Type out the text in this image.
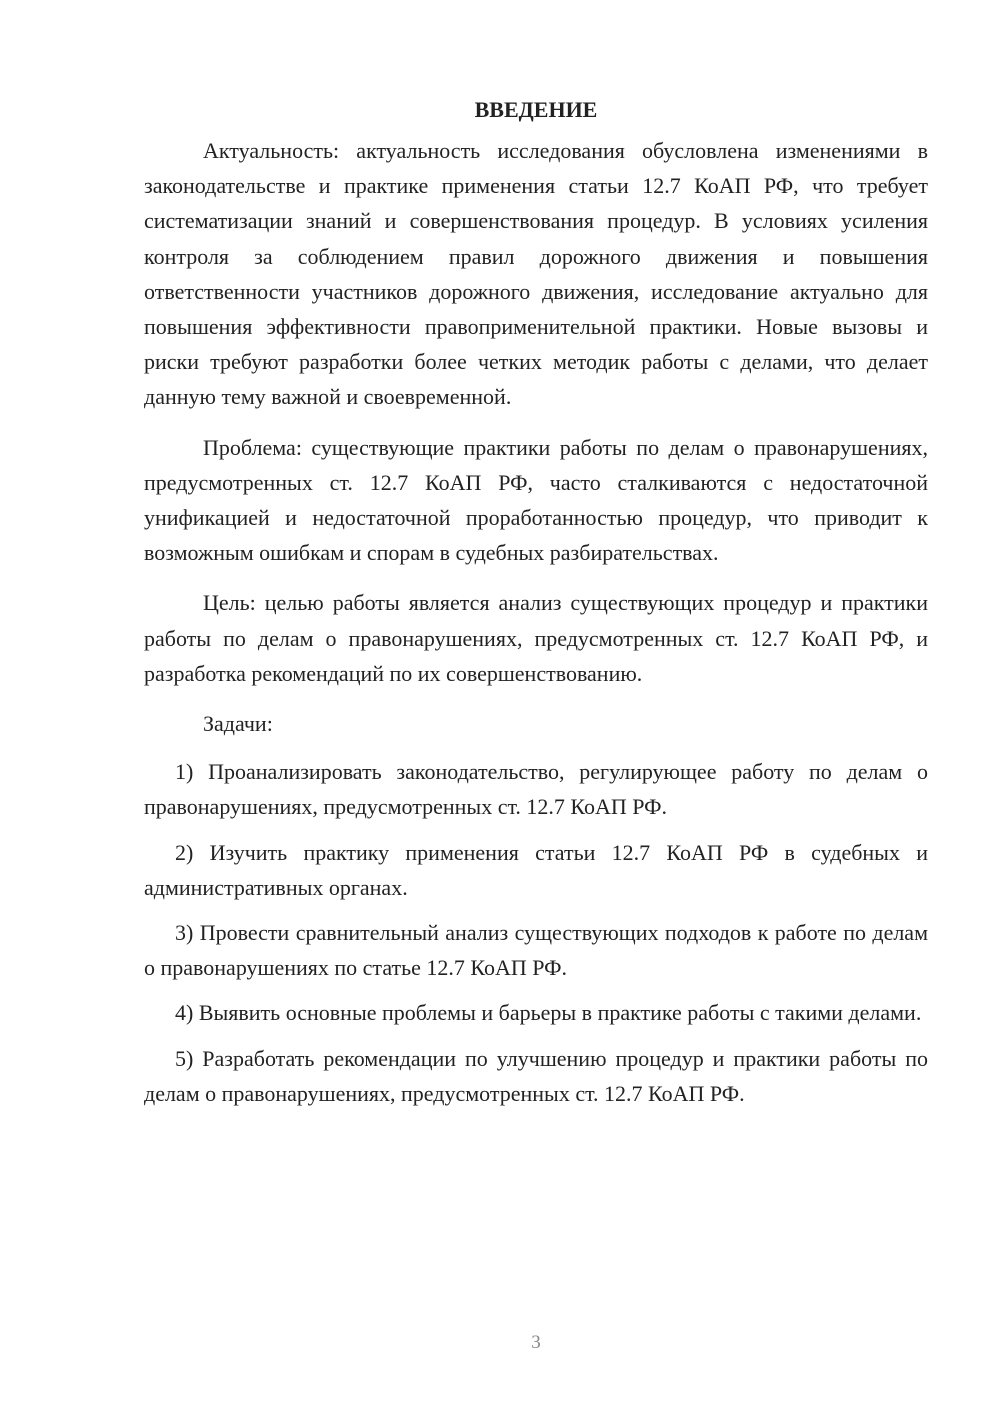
ВВЕДЕНИЕ

Актуальность: актуальность исследования обусловлена изменениями в законодательстве и практике применения статьи 12.7 КоАП РФ, что требует систематизации знаний и совершенствования процедур. В условиях усиления контроля за соблюдением правил дорожного движения и повышения ответственности участников дорожного движения, исследование актуально для повышения эффективности правоприменительной практики. Новые вызовы и риски требуют разработки более четких методик работы с делами, что делает данную тему важной и своевременной.

Проблема: существующие практики работы по делам о правонарушениях, предусмотренных ст. 12.7 КоАП РФ, часто сталкиваются с недостаточной унификацией и недостаточной проработанностью процедур, что приводит к возможным ошибкам и спорам в судебных разбирательствах.

Цель: целью работы является анализ существующих процедур и практики работы по делам о правонарушениях, предусмотренных ст. 12.7 КоАП РФ, и разработка рекомендаций по их совершенствованию.

Задачи:

1) Проанализировать законодательство, регулирующее работу по делам о правонарушениях, предусмотренных ст. 12.7 КоАП РФ.

2) Изучить практику применения статьи 12.7 КоАП РФ в судебных и административных органах.

3) Провести сравнительный анализ существующих подходов к работе по делам о правонарушениях по статье 12.7 КоАП РФ.

4) Выявить основные проблемы и барьеры в практике работы с такими делами.

5) Разработать рекомендации по улучшению процедур и практики работы по делам о правонарушениях, предусмотренных ст. 12.7 КоАП РФ.

3
